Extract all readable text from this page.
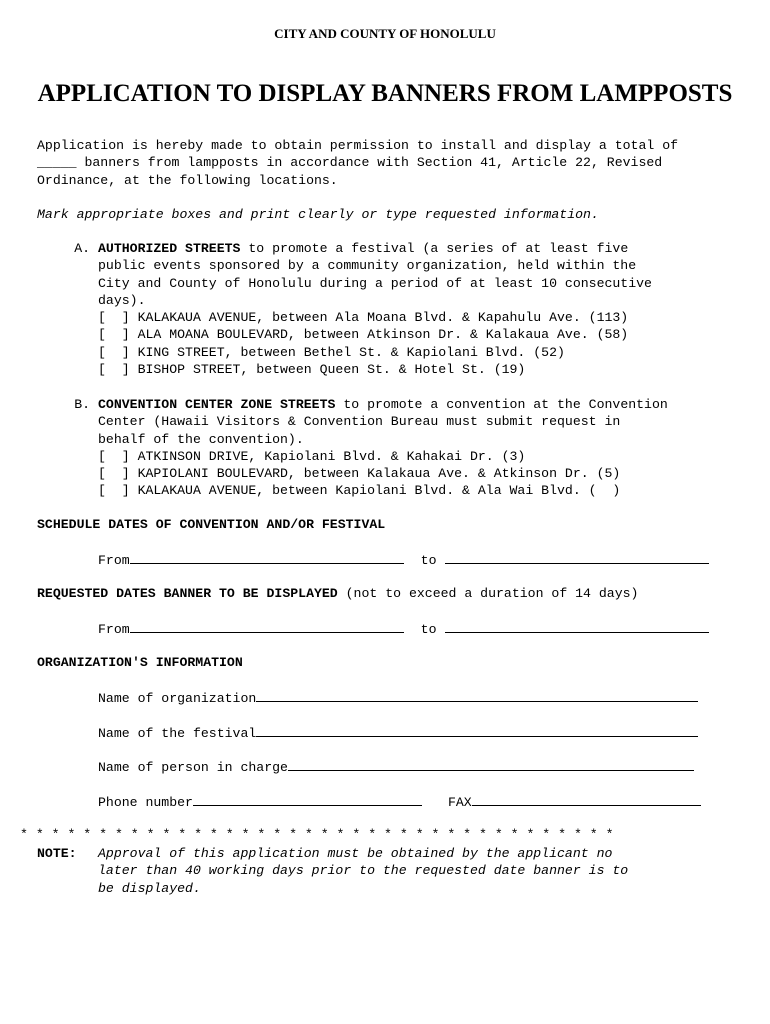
CITY AND COUNTY OF HONOLULU
APPLICATION TO DISPLAY BANNERS FROM LAMPPOSTS
Application is hereby made to obtain permission to install and display a total of
_____ banners from lampposts in accordance with Section 41, Article 22, Revised
Ordinance, at the following locations.
Mark appropriate boxes and print clearly or type requested information.
A. AUTHORIZED STREETS to promote a festival (a series of at least five
public events sponsored by a community organization, held within the
City and County of Honolulu during a period of at least 10 consecutive
days).
[  ] KALAKAUA AVENUE, between Ala Moana Blvd. & Kapahulu Ave. (113)
[  ] ALA MOANA BOULEVARD, between Atkinson Dr. & Kalakaua Ave. (58)
[  ] KING STREET, between Bethel St. & Kapiolani Blvd. (52)
[  ] BISHOP STREET, between Queen St. & Hotel St. (19)
B. CONVENTION CENTER ZONE STREETS to promote a convention at the Convention
Center (Hawaii Visitors & Convention Bureau must submit request in
behalf of the convention).
[  ] ATKINSON DRIVE, Kapiolani Blvd. & Kahakai Dr. (3)
[  ] KAPIOLANI BOULEVARD, between Kalakaua Ave. & Atkinson Dr. (5)
[  ] KALAKAUA AVENUE, between Kapiolani Blvd. & Ala Wai Blvd. (  )
SCHEDULE DATES OF CONVENTION AND/OR FESTIVAL
From	to
REQUESTED DATES BANNER TO BE DISPLAYED (not to exceed a duration of 14 days)
From	to
ORGANIZATION'S INFORMATION
Name of organization
Name of the festival
Name of person in charge
Phone number	FAX
* * * * * * * * * * * * * * * * * * * * * * * * * * * * * * * * * * * * * *
NOTE: Approval of this application must be obtained by the applicant no
later than 40 working days prior to the requested date banner is to
be displayed.
